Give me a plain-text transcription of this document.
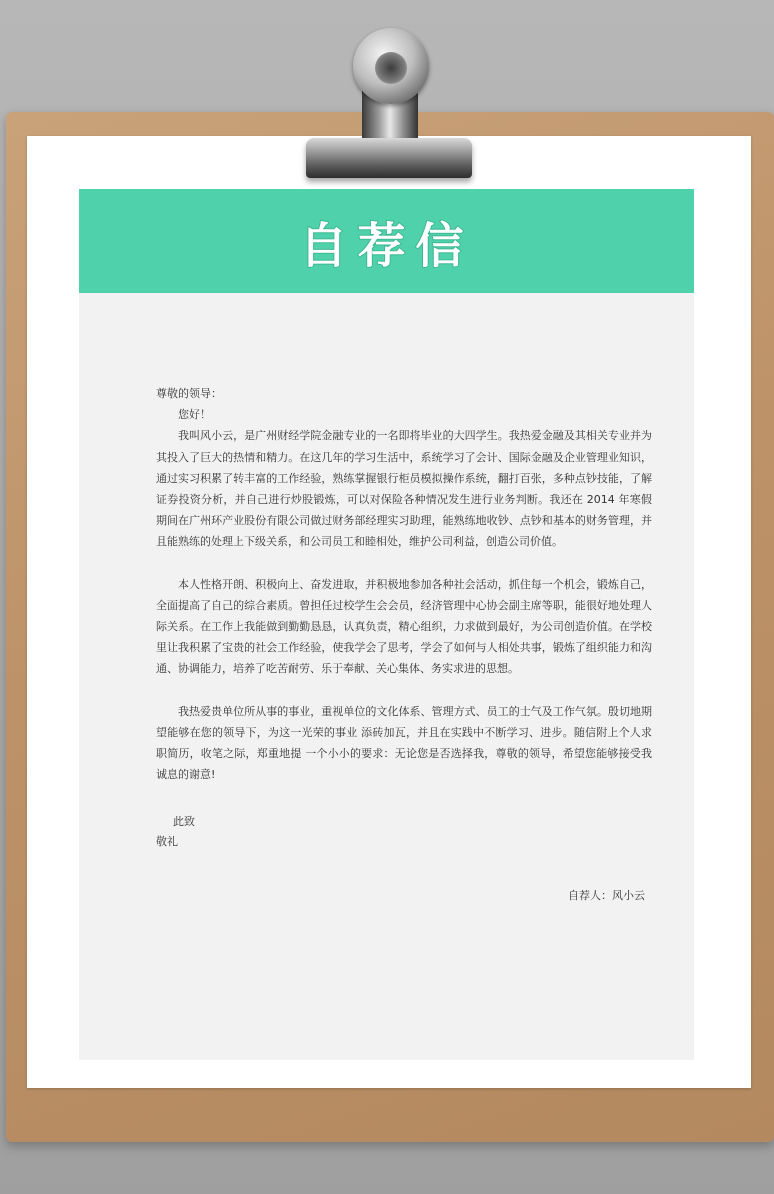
自荐信

尊敬的领导：

您好！

我叫风小云，是广州财经学院金融专业的一名即将毕业的大四学生。我热爱金融及其相关专业并为其投入了巨大的热情和精力。在这几年的学习生活中，系统学习了会计、国际金融及企业管理业知识，通过实习积累了转丰富的工作经验，熟练掌握银行柜员模拟操作系统，翻打百张，多种点钞技能，了解证券投资分析，并自己进行炒股锻炼，可以对保险各种情况发生进行业务判断。我还在 2014 年寒假期间在广州环产业股份有限公司做过财务部经理实习助理，能熟练地收钞、点钞和基本的财务管理，并且能熟练的处理上下级关系，和公司员工和睦相处，维护公司利益，创造公司价值。

本人性格开朗、积极向上、奋发进取，并积极地参加各种社会活动，抓住每一个机会，锻炼自己，全面提高了自己的综合素质。曾担任过校学生会会员，经济管理中心协会副主席等职，能很好地处理人际关系。在工作上我能做到勤勤恳恳，认真负责，精心组织，力求做到最好，为公司创造价值。在学校里让我积累了宝贵的社会工作经验，使我学会了思考，学会了如何与人相处共事，锻炼了组织能力和沟通、协调能力，培养了吃苦耐劳、乐于奉献、关心集体、务实求进的思想。

我热爱贵单位所从事的事业，重视单位的文化体系、管理方式、员工的士气及工作气氛。殷切地期望能够在您的领导下，为这一光荣的事业 添砖加瓦，并且在实践中不断学习、进步。随信附上个人求职简历，收笔之际，郑重地提 一个小小的要求：无论您是否选择我，尊敬的领导，希望您能够接受我诚息的谢意!

此致
敬礼
自荐人：风小云
